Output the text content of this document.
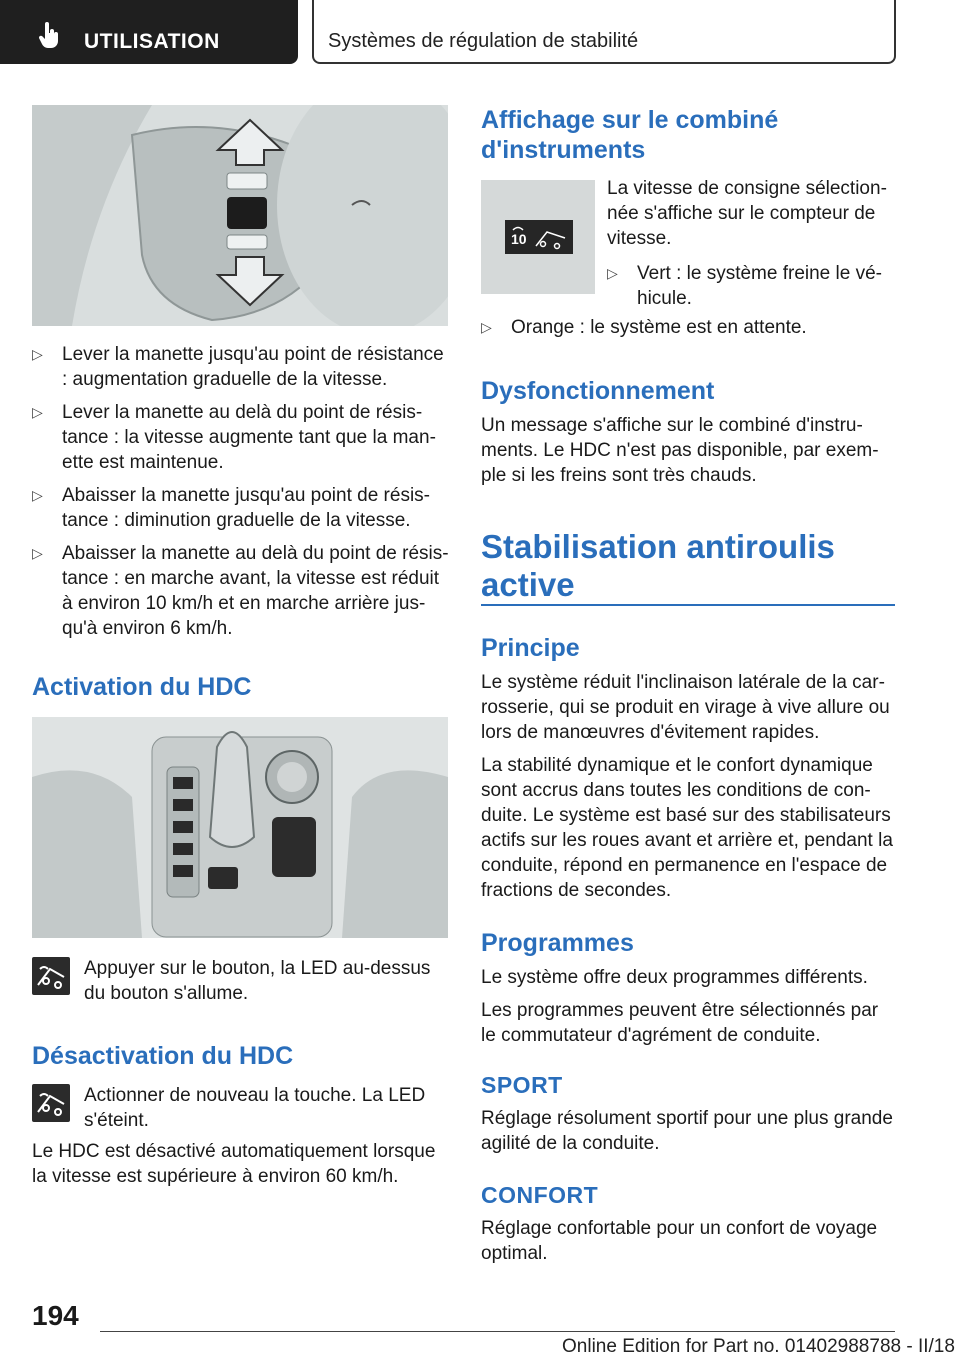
UTILISATION	Systèmes de régulation de stabilité
▷ Lever la manette jusqu'au point de résistance : augmentation graduelle de la vitesse.
▷ Lever la manette au delà du point de résistance : la vitesse augmente tant que la manette est maintenue.
▷ Abaisser la manette jusqu'au point de résistance : diminution graduelle de la vitesse.
▷ Abaisser la manette au delà du point de résistance : en marche avant, la vitesse est réduit à environ 10 km/h et en marche arrière jusqu'à environ 6 km/h.
Activation du HDC

Appuyer sur le bouton, la LED au-dessus du bouton s'allume.

Désactivation du HDC

Actionner de nouveau la touche. La LED s'éteint.

Le HDC est désactivé automatiquement lorsque la vitesse est supérieure à environ 60 km/h.

Affichage sur le combiné d'instruments
10

La vitesse de consigne sélectionnée s'affiche sur le compteur de vitesse.

▷ Vert : le système freine le véhicule.
▷ Orange : le système est en attente.
Dysfonctionnement

Un message s'affiche sur le combiné d'instruments. Le HDC n'est pas disponible, par exemple si les freins sont très chauds.

Stabilisation antiroulis active
Principe

Le système réduit l'inclinaison latérale de la carrosserie, qui se produit en virage à vive allure ou lors de manœuvres d'évitement rapides.

La stabilité dynamique et le confort dynamique sont accrus dans toutes les conditions de conduite. Le système est basé sur des stabilisateurs actifs sur les roues avant et arrière et, pendant la conduite, répond en permanence en l'espace de fractions de secondes.

Programmes

Le système offre deux programmes différents.

Les programmes peuvent être sélectionnés par le commutateur d'agrément de conduite.

SPORT

Réglage résolument sportif pour une plus grande agilité de la conduite.

CONFORT

Réglage confortable pour un confort de voyage optimal.

194
Online Edition for Part no. 01402988788 - II/18
